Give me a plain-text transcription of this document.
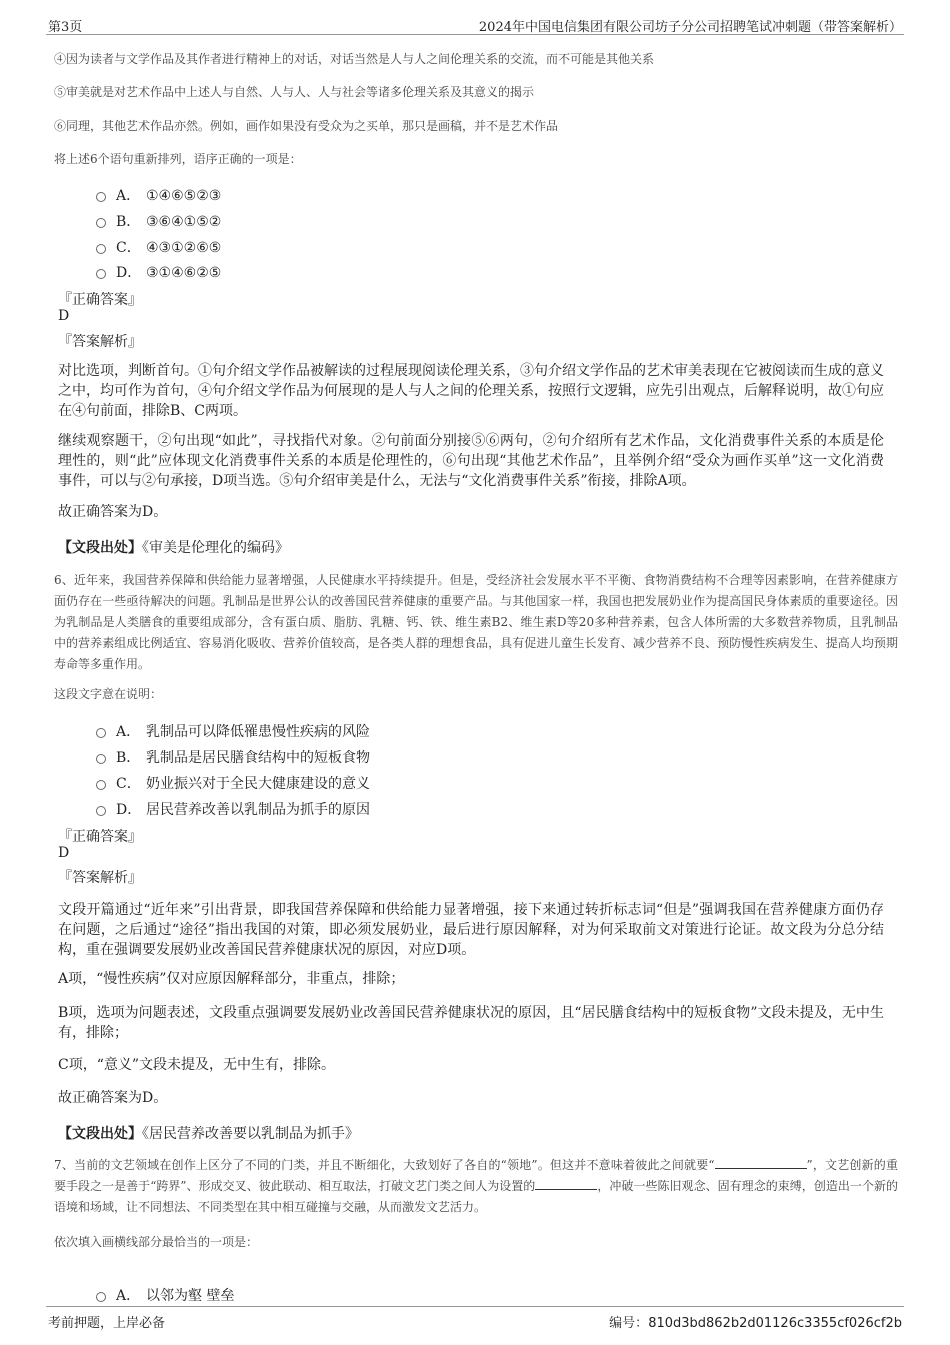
第3页	2024年中国电信集团有限公司坊子分公司招聘笔试冲刺题（带答案解析）
④因为读者与文学作品及其作者进行精神上的对话，对话当然是人与人之间伦理关系的交流，而不可能是其他关系
⑤审美就是对艺术作品中上述人与自然、人与人、人与社会等诸多伦理关系及其意义的揭示
⑥同理，其他艺术作品亦然。例如，画作如果没有受众为之买单，那只是画稿，并不是艺术作品
将上述6个语句重新排列，语序正确的一项是：
A． ①④⑥⑤②③
B． ③⑥④①⑤②
C． ④③①②⑥⑤
D． ③①④⑥②⑤
『正确答案』
D
『答案解析』
对比选项，判断首句。①句介绍文学作品被解读的过程展现阅读伦理关系，③句介绍文学作品的艺术审美表现在它被阅读而生成的意义之中，均可作为首句，④句介绍文学作品为何展现的是人与人之间的伦理关系，按照行文逻辑，应先引出观点，后解释说明，故①句应在④句前面，排除B、C两项。
继续观察题干，②句出现“如此”，寻找指代对象。②句前面分别接⑤⑥两句，②句介绍所有艺术作品，文化消费事件关系的本质是伦理性的，则“此”应体现文化消费事件关系的本质是伦理性的，⑥句出现“其他艺术作品”，且举例介绍“受众为画作买单”这一文化消费事件，可以与②句承接，D项当选。⑤句介绍审美是什么，无法与“文化消费事件关系”衔接，排除A项。
故正确答案为D。
【文段出处】《审美是伦理化的编码》
6、近年来，我国营养保障和供给能力显著增强，人民健康水平持续提升。但是，受经济社会发展水平不平衡、食物消费结构不合理等因素影响，在营养健康方面仍存在一些亟待解决的问题。乳制品是世界公认的改善国民营养健康的重要产品。与其他国家一样，我国也把发展奶业作为提高国民身体素质的重要途径。因为乳制品是人类膳食的重要组成部分，含有蛋白质、脂肪、乳糖、钙、铁、维生素B2、维生素D等20多种营养素，包含人体所需的大多数营养物质，且乳制品中的营养素组成比例适宜、容易消化吸收、营养价值较高，是各类人群的理想食品，具有促进儿童生长发育、减少营养不良、预防慢性疾病发生、提高人均预期寿命等多重作用。
这段文字意在说明：
A． 乳制品可以降低罹患慢性疾病的风险
B． 乳制品是居民膳食结构中的短板食物
C． 奶业振兴对于全民大健康建设的意义
D． 居民营养改善以乳制品为抓手的原因
『正确答案』
D
『答案解析』
文段开篇通过“近年来”引出背景，即我国营养保障和供给能力显著增强，接下来通过转折标志词“但是”强调我国在营养健康方面仍存在问题，之后通过“途径”指出我国的对策，即必须发展奶业，最后进行原因解释，对为何采取前文对策进行论证。故文段为分总分结构，重在强调要发展奶业改善国民营养健康状况的原因，对应D项。
A项，“慢性疾病”仅对应原因解释部分，非重点，排除；
B项，选项为问题表述，文段重点强调要发展奶业改善国民营养健康状况的原因，且“居民膳食结构中的短板食物”文段未提及，无中生有，排除；
C项，“意义”文段未提及，无中生有，排除。
故正确答案为D。
【文段出处】《居民营养改善要以乳制品为抓手》
7、当前的文艺领域在创作上区分了不同的门类，并且不断细化，大致划好了各自的“领地”。但这并不意味着彼此之间就要“	”，文艺创新的重要手段之一是善于“跨界”、形成交叉、彼此联动、相互取法，打破文艺门类之间人为设置的	，冲破一些陈旧观念、固有理念的束缚，创造出一个新的语境和场域，让不同想法、不同类型在其中相互碰撞与交融，从而激发文艺活力。
依次填入画横线部分最恰当的一项是：
A． 以邻为壑 壁垒
考前押题，上岸必备	编号：810d3bd862b2d01126c3355cf026cf2b
